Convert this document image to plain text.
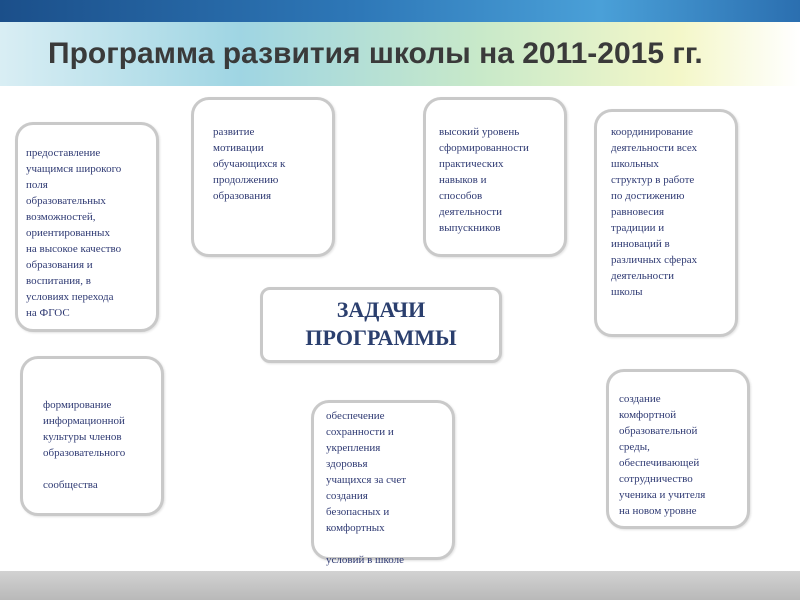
Программа развития школы на 2011-2015 гг.

предоставление
учащимся широкого
поля
образовательных
возможностей,
ориентированных
на высокое качество
образования и
воспитания, в
условиях перехода
на ФГОС

развитие
мотивации
обучающихся к
продолжению
образования

высокий уровень
сформированности
практических
навыков и
способов
деятельности
выпускников

координирование
деятельности всех
школьных
структур в работе
по достижению
равновесия
традиции и
инноваций в
различных сферах
деятельности
школы

ЗАДАЧИ
ПРОГРАММЫ

формирование
информационной
культуры членов
образовательного

сообщества

обеспечение
сохранности и
укрепления
здоровья
учащихся за счет
создания
безопасных и
комфортных

условий в школе

создание
комфортной
образовательной
среды,
обеспечивающей
сотрудничество
ученика и учителя
на новом уровне
